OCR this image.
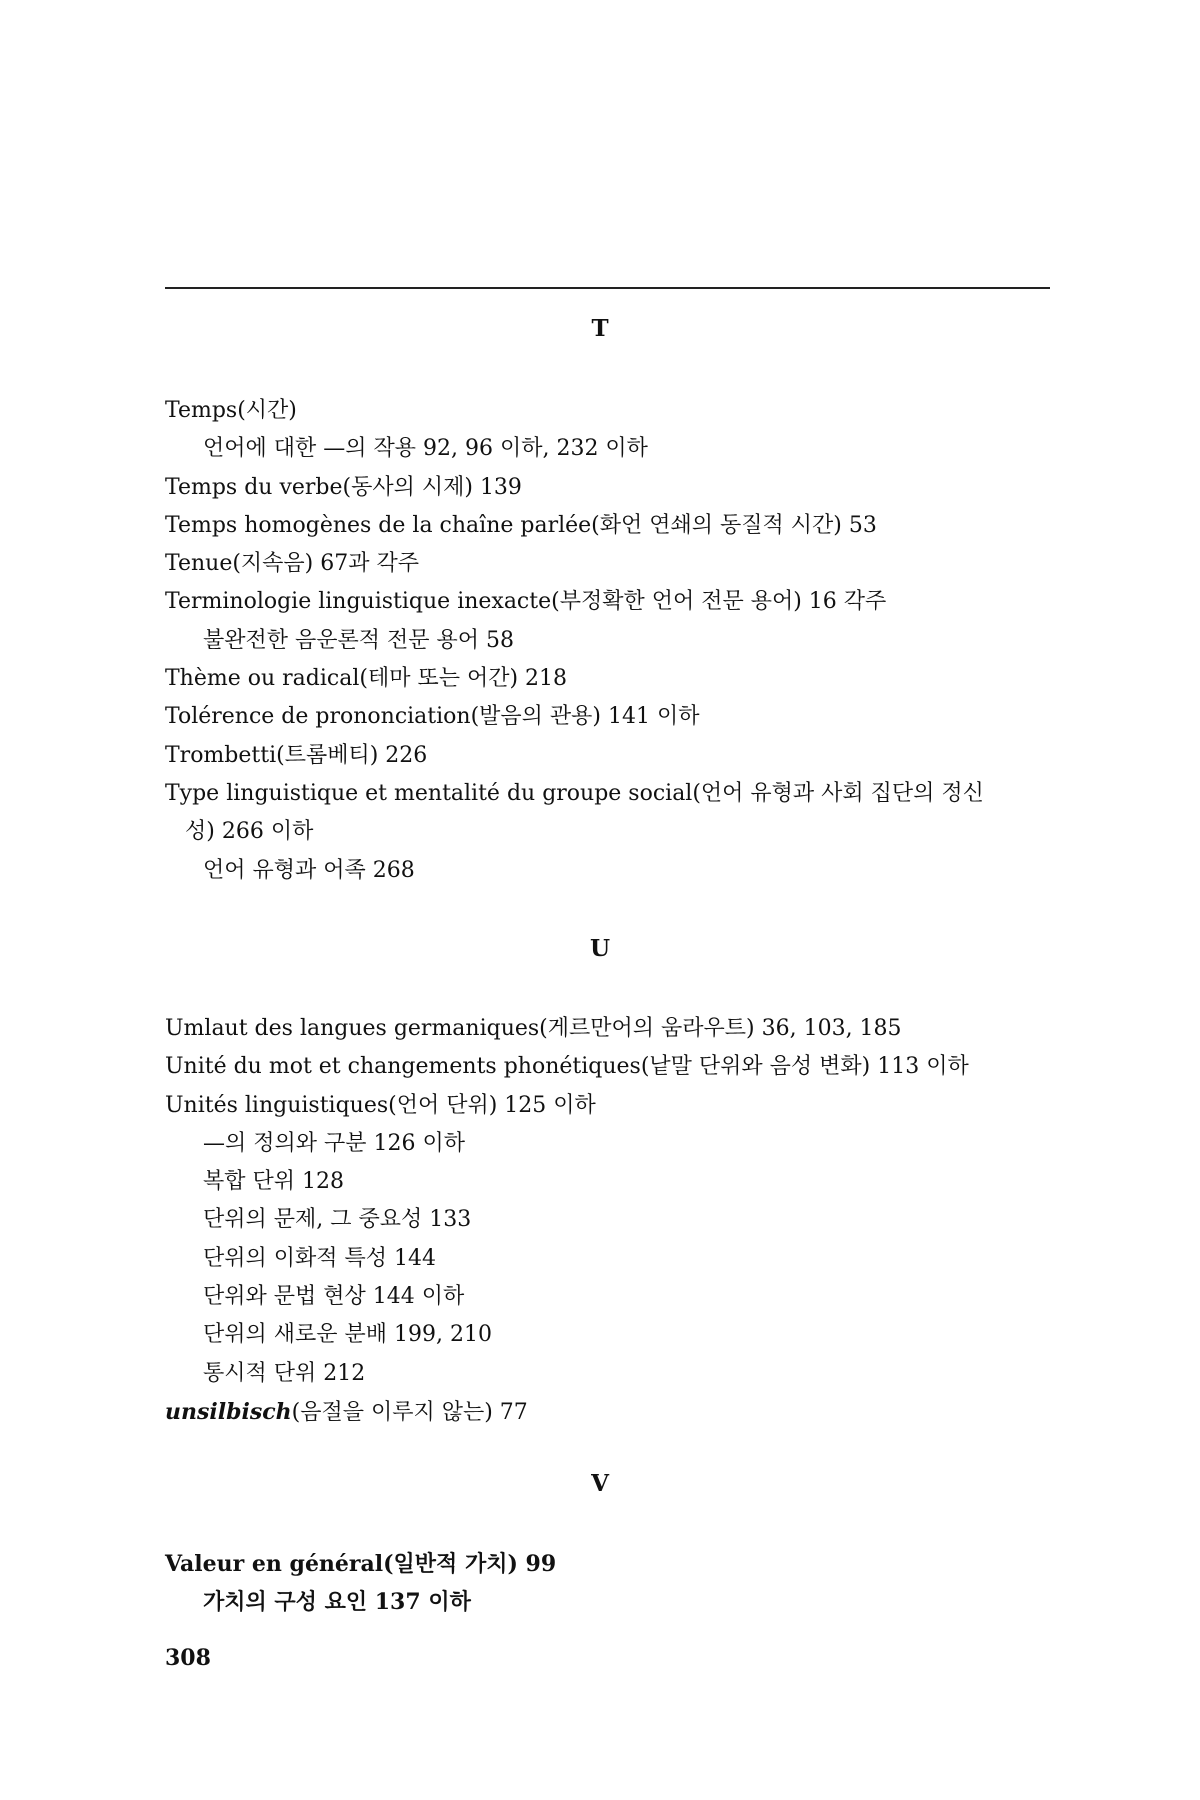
T
Temps(시간)
언어에 대한 —의 작용 92, 96 이하, 232 이하
Temps du verbe(동사의 시제) 139
Temps homogènes de la chaîne parlée(화언 연쇄의 동질적 시간) 53
Tenue(지속음) 67과 각주
Terminologie linguistique inexacte(부정확한 언어 전문 용어) 16 각주
불완전한 음운론적 전문 용어 58
Thème ou radical(테마 또는 어간) 218
Tolérence de prononciation(발음의 관용) 141 이하
Trombetti(트롬베티) 226
Type linguistique et mentalité du groupe social(언어 유형과 사회 집단의 정신
성) 266 이하
언어 유형과 어족 268
U
Umlaut des langues germaniques(게르만어의 움라우트) 36, 103, 185
Unité du mot et changements phonétiques(낱말 단위와 음성 변화) 113 이하
Unités linguistiques(언어 단위) 125 이하
—의 정의와 구분 126 이하
복합 단위 128
단위의 문제, 그 중요성 133
단위의 이화적 특성 144
단위와 문법 현상 144 이하
단위의 새로운 분배 199, 210
통시적 단위 212
unsilbisch(음절을 이루지 않는) 77
V
Valeur en général(일반적 가치) 99
가치의 구성 요인 137 이하
308
